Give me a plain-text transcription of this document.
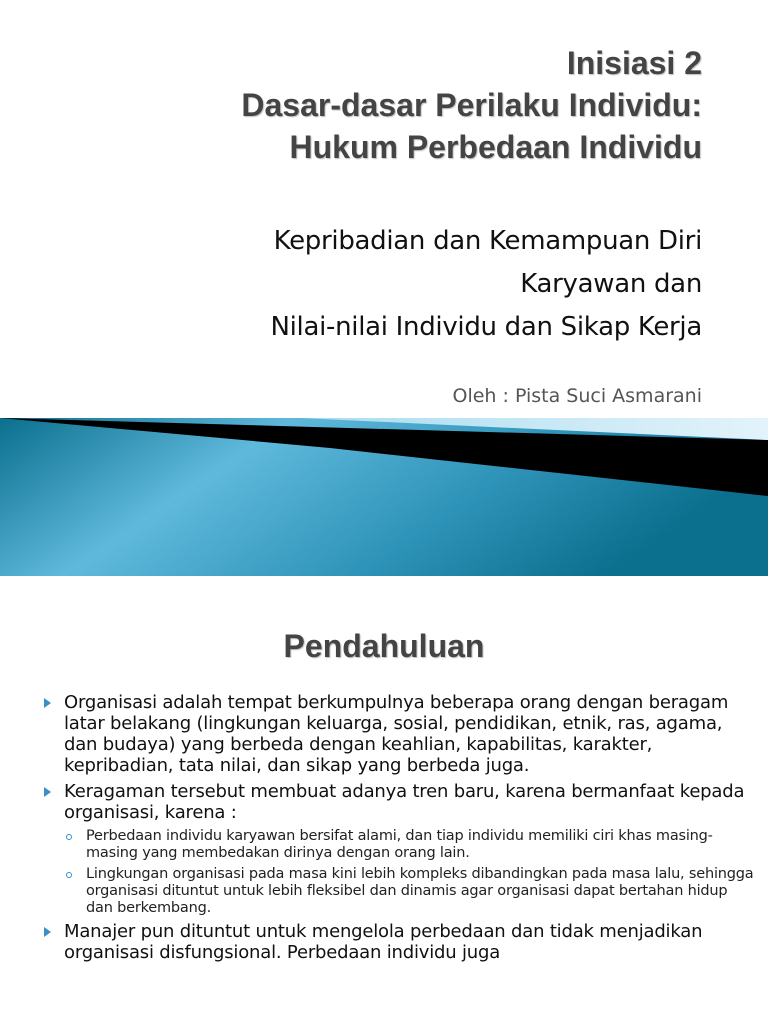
Inisiasi 2
Dasar-dasar Perilaku Individu:
Hukum Perbedaan Individu
Kepribadian dan Kemampuan Diri
Karyawan dan
Nilai-nilai Individu dan Sikap Kerja
Oleh : Pista Suci Asmarani
Pendahuluan
Organisasi adalah tempat berkumpulnya beberapa orang dengan beragam latar belakang (lingkungan keluarga, sosial, pendidikan, etnik, ras, agama, dan budaya) yang berbeda dengan keahlian, kapabilitas, karakter, kepribadian, tata nilai, dan sikap yang berbeda juga.
Keragaman tersebut membuat adanya tren baru, karena bermanfaat kepada organisasi, karena :
Perbedaan individu karyawan bersifat alami, dan tiap individu memiliki ciri khas masing-masing yang membedakan dirinya dengan orang lain.
Lingkungan organisasi pada masa kini lebih kompleks dibandingkan pada masa lalu, sehingga organisasi dituntut untuk lebih fleksibel dan dinamis agar organisasi dapat bertahan hidup dan berkembang.
Manajer pun dituntut untuk mengelola perbedaan dan tidak menjadikan organisasi disfungsional. Perbedaan individu juga
